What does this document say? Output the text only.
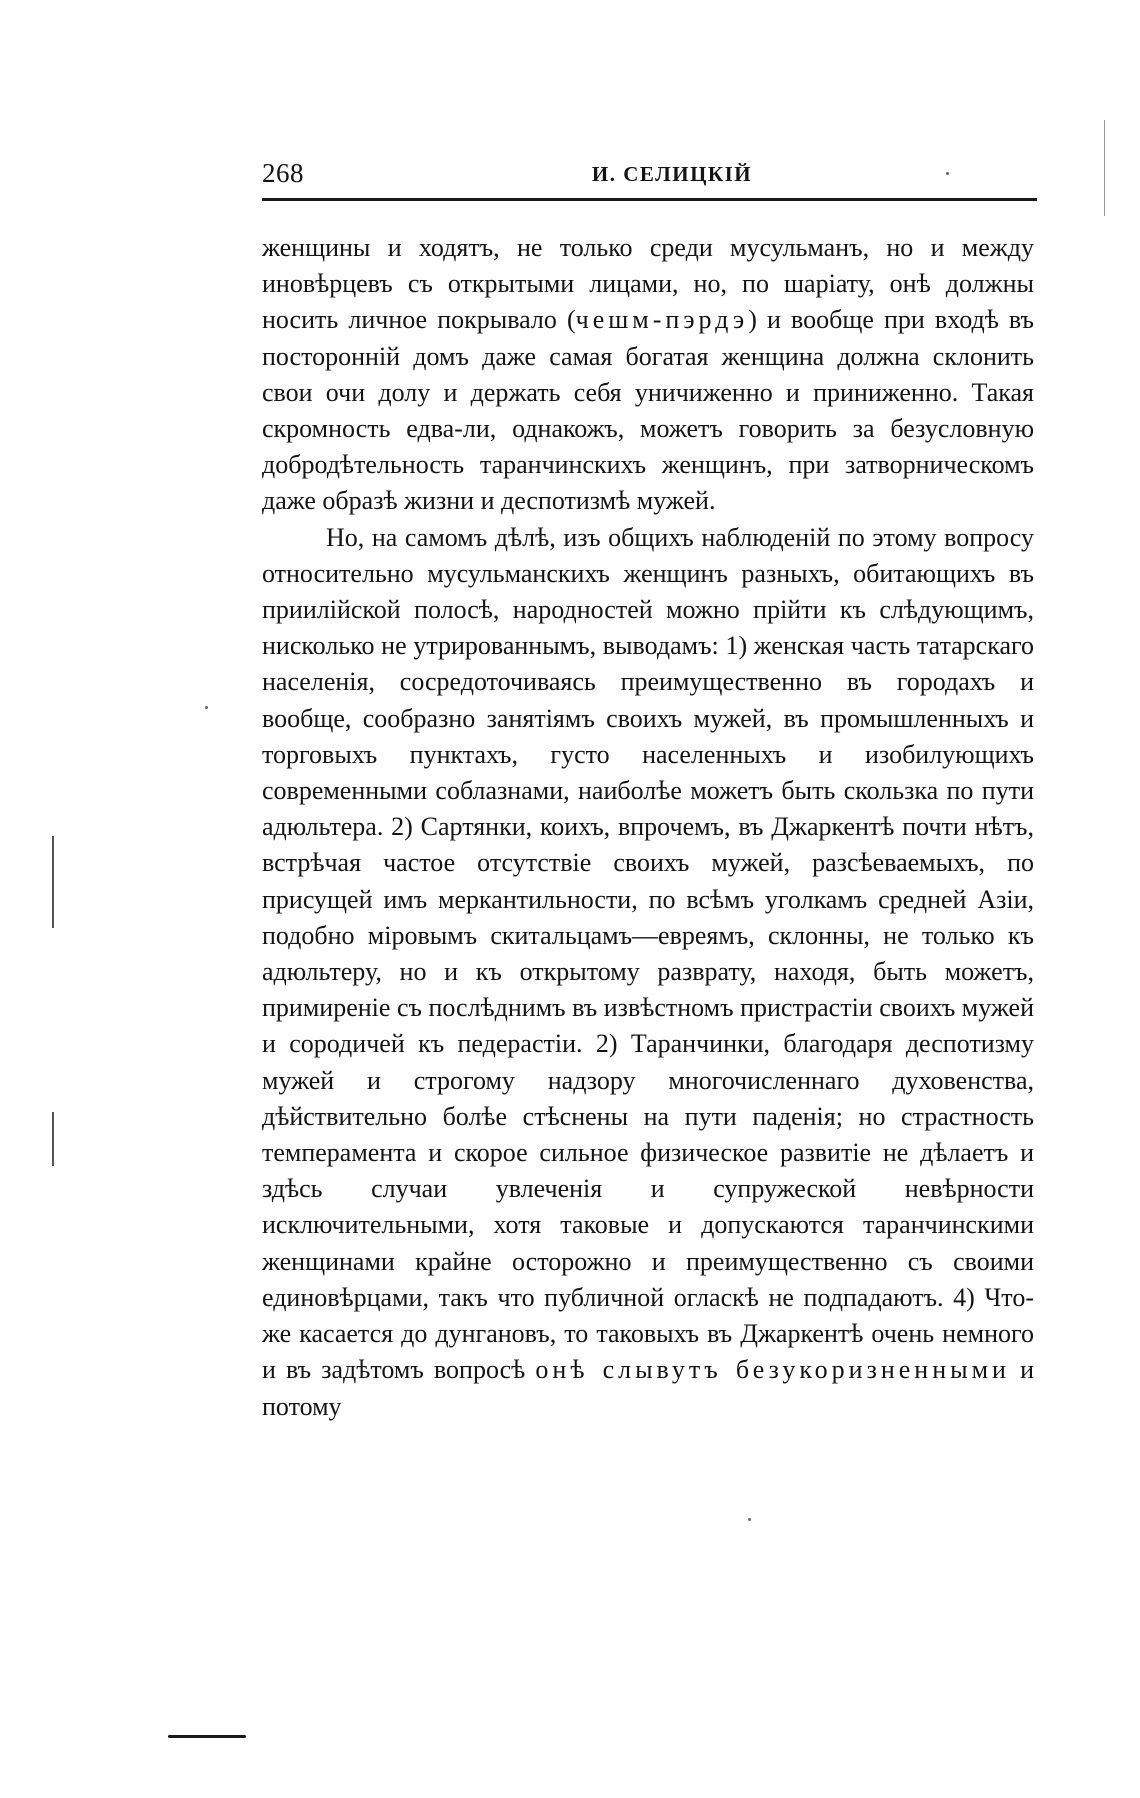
268	И. СЕЛИЦКІЙ

женщины и ходятъ, не только среди мусульманъ, но и между иновѣрцевъ съ открытыми лицами, но, по шаріату, онѣ должны носить личное покрывало (чешм-пэрдэ) и вообще при входѣ въ посторонній домъ даже самая богатая женщина должна склонить свои очи долу и держать себя уничиженно и приниженно. Такая скромность едва-ли, однакожъ, можетъ говорить за безусловную добродѣтельность таранчинскихъ женщинъ, при затворническомъ даже образѣ жизни и деспотизмѣ мужей.

Но, на самомъ дѣлѣ, изъ общихъ наблюденій по этому вопросу относительно мусульманскихъ женщинъ разныхъ, обитающихъ въ приилійской полосѣ, народностей можно прійти къ слѣдующимъ, нисколько не утрированнымъ, выводамъ: 1) женская часть татарскаго населенія, сосредоточиваясь преимущественно въ городахъ и вообще, сообразно занятіямъ своихъ мужей, въ промышленныхъ и торговыхъ пунктахъ, густо населенныхъ и изобилующихъ современными соблазнами, наиболѣе можетъ быть скользка по пути адюльтера. 2) Сартянки, коихъ, впрочемъ, въ Джаркентѣ почти нѣтъ, встрѣчая частое отсутствіе своихъ мужей, разсѣеваемыхъ, по присущей имъ меркантильности, по всѣмъ уголкамъ средней Азіи, подобно міровымъ скитальцамъ—евреямъ, склонны, не только къ адюльтеру, но и къ открытому разврату, находя, быть можетъ, примиреніе съ послѣднимъ въ извѣстномъ пристрастіи своихъ мужей и сородичей къ педерастіи. 2) Таранчинки, благодаря деспотизму мужей и строгому надзору многочисленнаго духовенства, дѣйствительно болѣе стѣснены на пути паденія; но страстность темперамента и скорое сильное физическое развитіе не дѣлаетъ и здѣсь случаи увлеченія и супружеской невѣрности исключительными, хотя таковые и допускаются таранчинскими женщинами крайне осторожно и преимущественно съ своими единовѣрцами, такъ что публичной огласкѣ не подпадаютъ. 4) Что-же касается до дунгановъ, то таковыхъ въ Джаркентѣ очень немного и въ задѣтомъ вопросѣ онѣ слывутъ безукоризненными и потому
